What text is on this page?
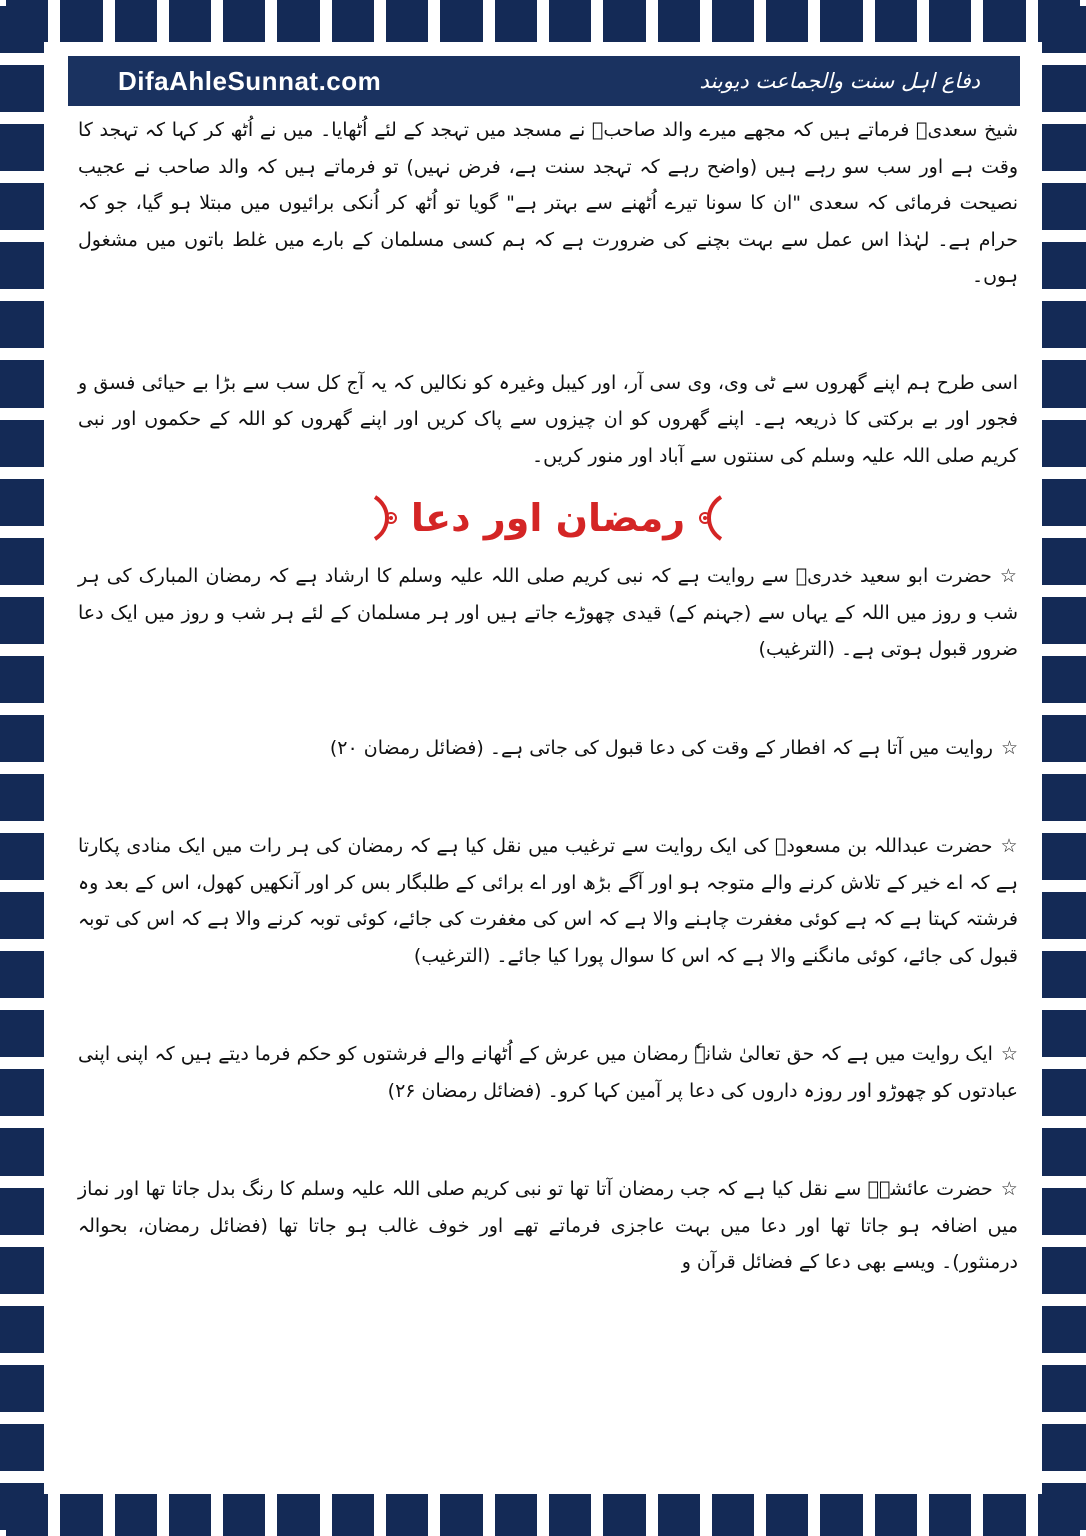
DifaAhleSunnat.com	دفاع اہل سنت والجماعت دیوبند

شیخ سعدیؒ فرماتے ہیں کہ مجھے میرے والد صاحبؒ نے مسجد میں تہجد کے لئے اُٹھایا۔ میں نے اُٹھ کر کہا کہ تہجد کا وقت ہے اور سب سو رہے ہیں (واضح رہے کہ تہجد سنت ہے، فرض نہیں) تو فرماتے ہیں کہ والد صاحب نے عجیب نصیحت فرمائی کہ سعدی "ان کا سونا تیرے اُٹھنے سے بہتر ہے" گویا تو اُٹھ کر اُنکی برائیوں میں مبتلا ہو گیا، جو کہ حرام ہے۔ لہٰذا اس عمل سے بہت بچنے کی ضرورت ہے کہ ہم کسی مسلمان کے بارے میں غلط باتوں میں مشغول ہوں۔

اسی طرح ہم اپنے گھروں سے ٹی وی، وی سی آر، اور کیبل وغیرہ کو نکالیں کہ یہ آج کل سب سے بڑا بے حیائی فسق و فجور اور بے برکتی کا ذریعہ ہے۔ اپنے گھروں کو ان چیزوں سے پاک کریں اور اپنے گھروں کو اللہ کے حکموں اور نبی کریم صلی اللہ علیہ وسلم کی سنتوں سے آباد اور منور کریں۔

رمضان اور دعا

☆حضرت ابو سعید خدریؓ سے روایت ہے کہ نبی کریم صلی اللہ علیہ وسلم کا ارشاد ہے کہ رمضان المبارک کی ہر شب و روز میں اللہ کے یہاں سے (جہنم کے) قیدی چھوڑے جاتے ہیں اور ہر مسلمان کے لئے ہر شب و روز میں ایک دعا ضرور قبول ہوتی ہے۔ (الترغیب)

☆روایت میں آتا ہے کہ افطار کے وقت کی دعا قبول کی جاتی ہے۔ (فضائل رمضان ۲۰)

☆حضرت عبداللہ بن مسعودؓ کی ایک روایت سے ترغیب میں نقل کیا ہے کہ رمضان کی ہر رات میں ایک منادی پکارتا ہے کہ اے خیر کے تلاش کرنے والے متوجہ ہو اور آگے بڑھ اور اے برائی کے طلبگار بس کر اور آنکھیں کھول، اس کے بعد وہ فرشتہ کہتا ہے کہ ہے کوئی مغفرت چاہنے والا ہے کہ اس کی مغفرت کی جائے، کوئی توبہ کرنے والا ہے کہ اس کی توبہ قبول کی جائے، کوئی مانگنے والا ہے کہ اس کا سوال پورا کیا جائے۔ (الترغیب)

☆ایک روایت میں ہے کہ حق تعالیٰ شانہٗ رمضان میں عرش کے اُٹھانے والے فرشتوں کو حکم فرما دیتے ہیں کہ اپنی اپنی عبادتوں کو چھوڑو اور روزہ داروں کی دعا پر آمین کہا کرو۔ (فضائل رمضان ۲۶)

☆حضرت عائشہؓ سے نقل کیا ہے کہ جب رمضان آتا تھا تو نبی کریم صلی اللہ علیہ وسلم کا رنگ بدل جاتا تھا اور نماز میں اضافہ ہو جاتا تھا اور دعا میں بہت عاجزی فرماتے تھے اور خوف غالب ہو جاتا تھا (فضائل رمضان، بحوالہ درمنثور)۔ ویسے بھی دعا کے فضائل قرآن و
